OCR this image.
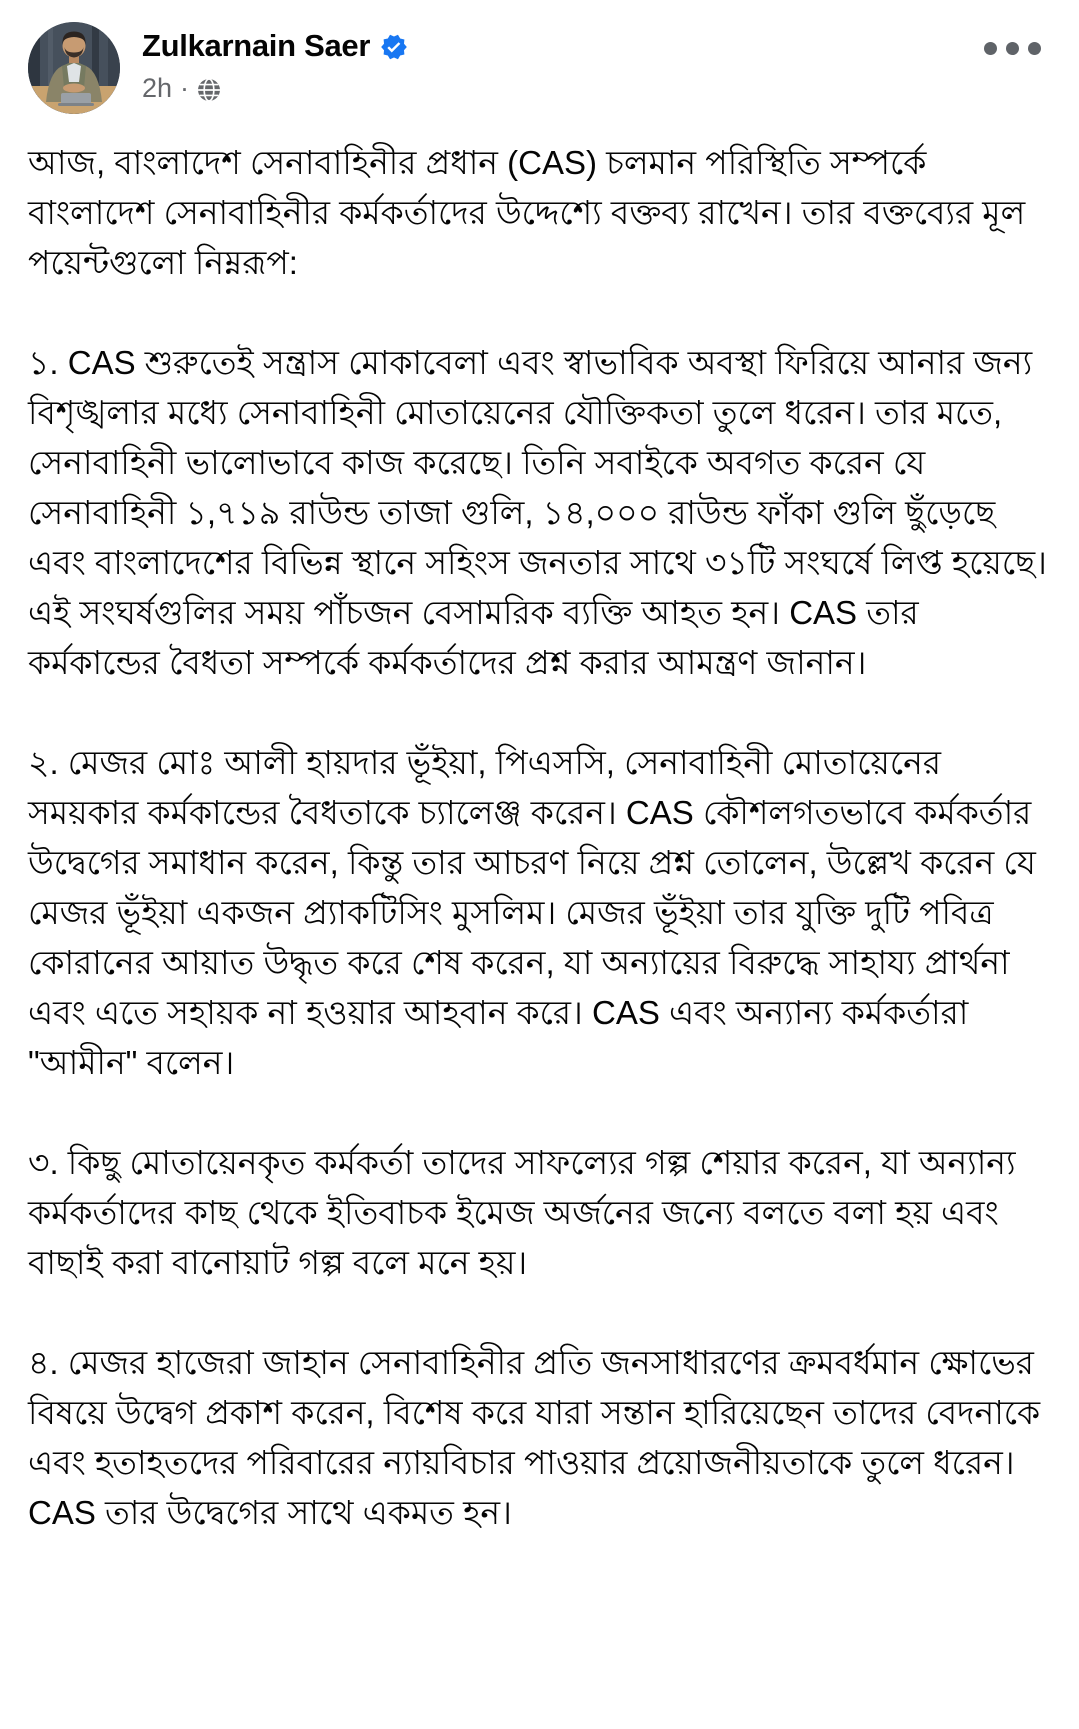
Zulkarnain Saer
2h ·

আজ, বাংলাদেশ সেনাবাহিনীর প্রধান (CAS) চলমান পরিস্থিতি সম্পর্কে বাংলাদেশ সেনাবাহিনীর কর্মকর্তাদের উদ্দেশ্যে বক্তব্য রাখেন। তার বক্তব্যের মূল পয়েন্টগুলো নিম্নরূপ:

১. CAS শুরুতেই সন্ত্রাস মোকাবেলা এবং স্বাভাবিক অবস্থা ফিরিয়ে আনার জন্য বিশৃঙ্খলার মধ্যে সেনাবাহিনী মোতায়েনের যৌক্তিকতা তুলে ধরেন। তার মতে, সেনাবাহিনী ভালোভাবে কাজ করেছে। তিনি সবাইকে অবগত করেন যে সেনাবাহিনী ১,৭১৯ রাউন্ড তাজা গুলি, ১৪,০০০ রাউন্ড ফাঁকা গুলি ছুঁড়েছে এবং বাংলাদেশের বিভিন্ন স্থানে সহিংস জনতার সাথে ৩১টি সংঘর্ষে লিপ্ত হয়েছে। এই সংঘর্ষগুলির সময় পাঁচজন বেসামরিক ব্যক্তি আহত হন। CAS তার কর্মকান্ডের বৈধতা সম্পর্কে কর্মকর্তাদের প্রশ্ন করার আমন্ত্রণ জানান।

২. মেজর মোঃ আলী হায়দার ভূঁইয়া, পিএসসি, সেনাবাহিনী মোতায়েনের সময়কার কর্মকান্ডের বৈধতাকে চ্যালেঞ্জ করেন। CAS কৌশলগতভাবে কর্মকর্তার উদ্বেগের সমাধান করেন, কিন্তু তার আচরণ নিয়ে প্রশ্ন তোলেন, উল্লেখ করেন যে মেজর ভূঁইয়া একজন প্র্যাকটিসিং মুসলিম। মেজর ভূঁইয়া তার যুক্তি দুটি পবিত্র কোরানের আয়াত উদ্ধৃত করে শেষ করেন, যা অন্যায়ের বিরুদ্ধে সাহায্য প্রার্থনা এবং এতে সহায়ক না হওয়ার আহবান করে। CAS এবং অন্যান্য কর্মকর্তারা "আমীন" বলেন।

৩. কিছু মোতায়েনকৃত কর্মকর্তা তাদের সাফল্যের গল্প শেয়ার করেন, যা অন্যান্য কর্মকর্তাদের কাছ থেকে ইতিবাচক ইমেজ অর্জনের জন্যে বলতে বলা হয় এবং বাছাই করা বানোয়াট গল্প বলে মনে হয়।

৪. মেজর হাজেরা জাহান সেনাবাহিনীর প্রতি জনসাধারণের ক্রমবর্ধমান ক্ষোভের বিষয়ে উদ্বেগ প্রকাশ করেন, বিশেষ করে যারা সন্তান হারিয়েছেন তাদের বেদনাকে এবং হতাহতদের পরিবারের ন্যায়বিচার পাওয়ার প্রয়োজনীয়তাকে তুলে ধরেন। CAS তার উদ্বেগের সাথে একমত হন।
